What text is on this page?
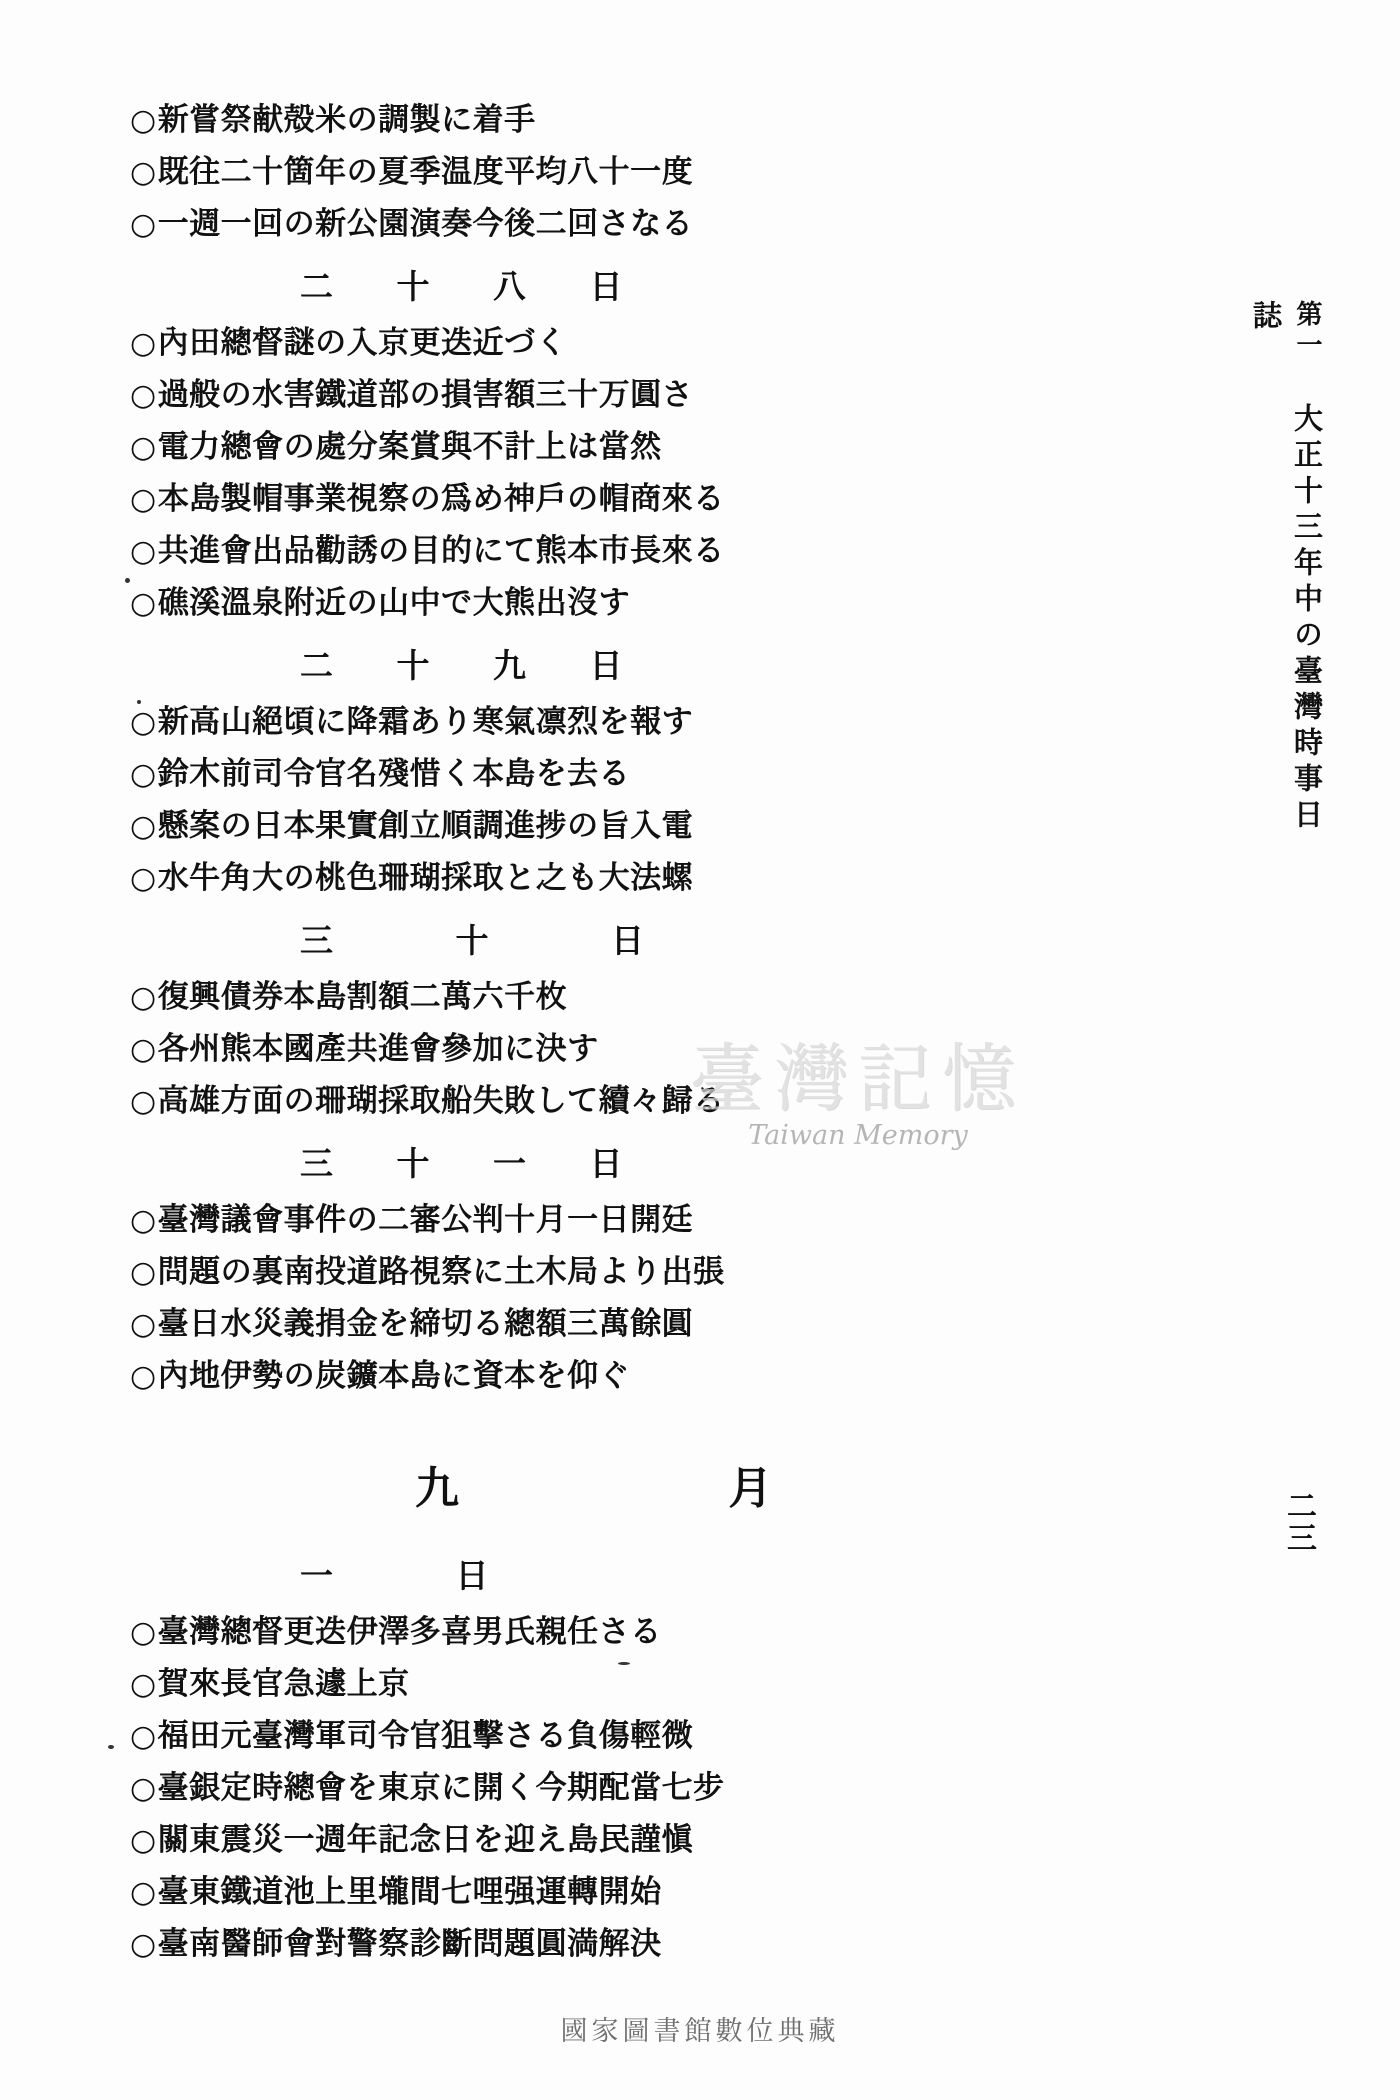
○新嘗祭献殻米の調製に着手
○既往二十箇年の夏季温度平均八十一度
○一週一回の新公園演奏今後二回さなる
二 十 八 日
○內田總督謎の入京更迭近づく
○過般の水害鐵道部の損害額三十万圓さ
○電力總會の處分案賞與不計上は當然
○本島製帽事業視察の爲め神戶の帽商來る
○共進會出品勸誘の目的にて熊本市長來る
○礁溪溫泉附近の山中で大熊出沒す
二 十 九 日
○新高山絕頃に降霜あり寒氣凛烈を報す
○鈴木前司令官名殘惜く本島を去る
○懸案の日本果實創立順調進捗の旨入電
○水牛角大の桃色珊瑚採取と之も大法螺
三　 十　 日
○復興債券本島割額二萬六千枚
○各州熊本國產共進會參加に決す
○高雄方面の珊瑚採取船失敗して續々歸る
三 十 一 日
○臺灣議會事件の二審公判十月一日開廷
○問題の裏南投道路視察に土木局より出張
○臺日水災義捐金を締切る總額三萬餘圓
○內地伊勢の炭鑛本島に資本を仰ぐ
九　 月
一　 日
○臺灣總督更迭伊澤多喜男氏親任さる
○賀來長官急遽上京
○福田元臺灣軍司令官狙擊さる負傷輕微
○臺銀定時總會を東京に開く今期配當七步
○關東震災一週年記念日を迎え島民謹愼
○臺東鐵道池上里壠間七哩强運轉開始
○臺南醫師會對警察診斷問題圓満解決
第一 大正十三年中の臺灣時事日誌
二三
臺灣記憶
Taiwan Memory
國家圖書館數位典藏
